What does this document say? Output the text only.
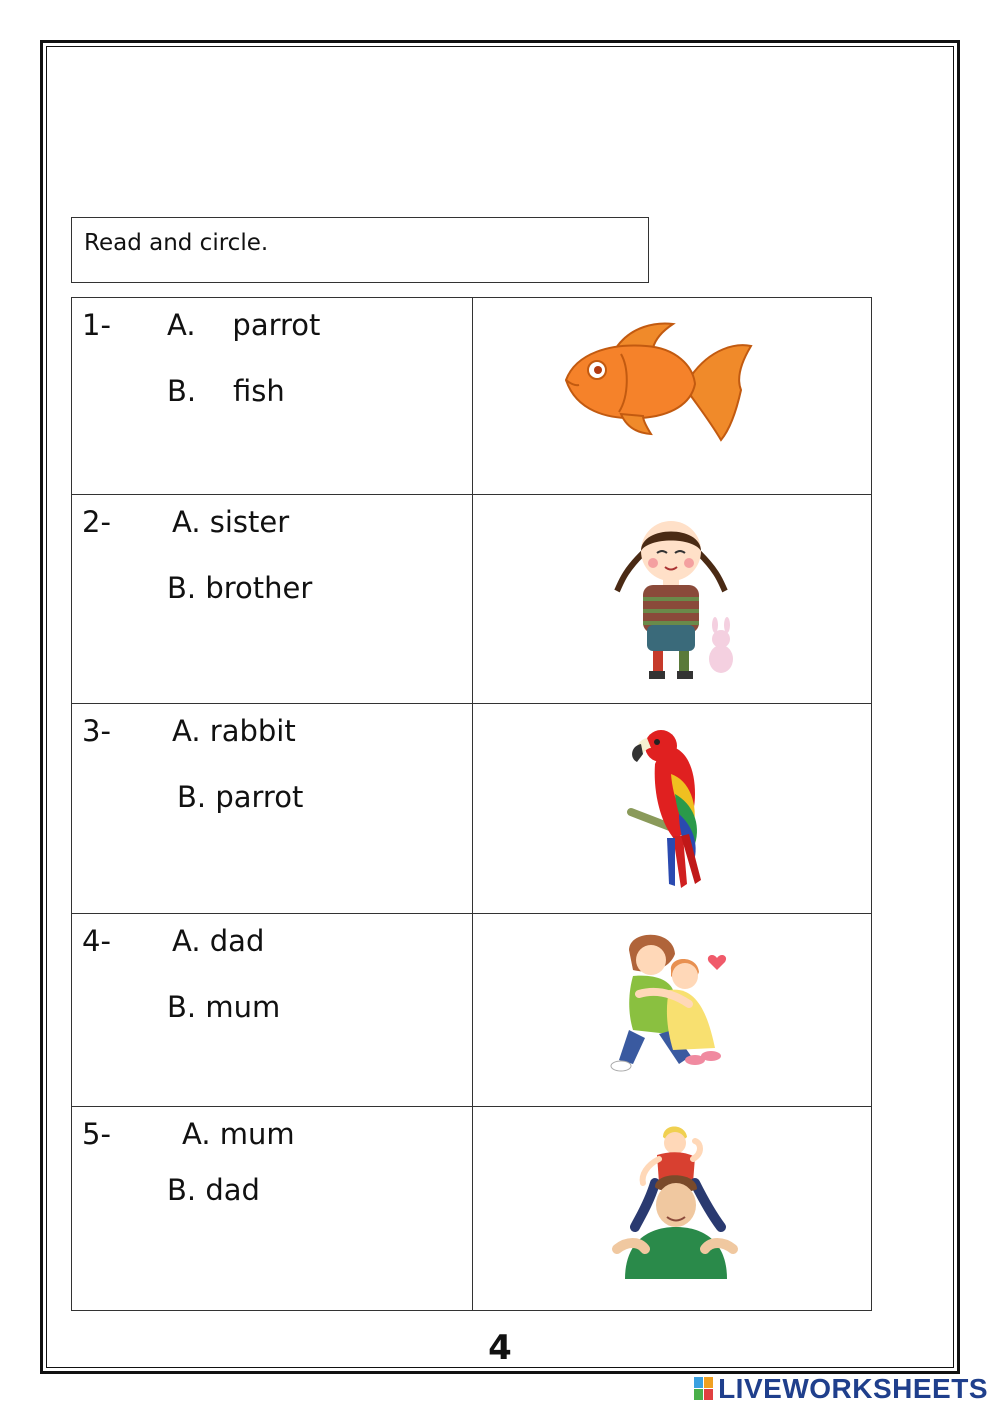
Read and circle.
1- A.    parrot
B.    fish
2- A. sister
B. brother
3- A. rabbit
B. parrot
4- A. dad
B. mum
5- A. mum
B. dad
4
LIVEWORKSHEETS
